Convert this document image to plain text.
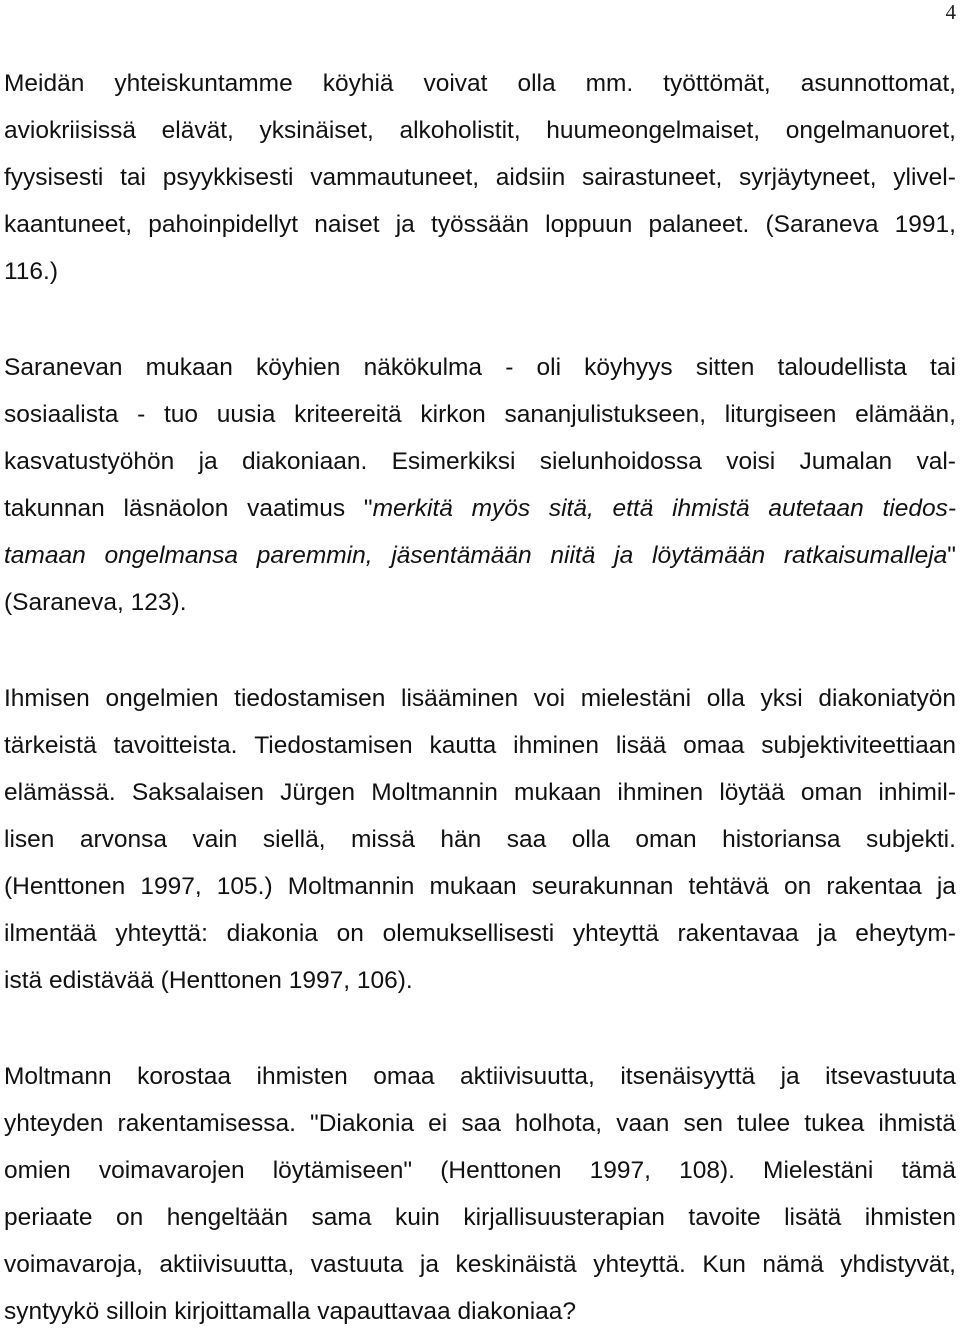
4
Meidän yhteiskuntamme köyhiä voivat olla mm. työttömät, asunnottomat,
aviokriisissä elävät, yksinäiset, alkoholistit, huumeongelmaiset, ongelmanuoret,
fyysisesti tai psyykkisesti vammautuneet, aidsiin sairastuneet, syrjäytyneet, ylivel-
kaantuneet, pahoinpidellyt naiset ja työssään loppuun palaneet. (Saraneva 1991,
116.)
Saranevan mukaan köyhien näkökulma - oli köyhyys sitten taloudellista tai
sosiaalista - tuo uusia kriteereitä kirkon sananjulistukseen, liturgiseen elämään,
kasvatustyöhön ja diakoniaan. Esimerkiksi sielunhoidossa voisi Jumalan val-
takunnan läsnäolon vaatimus "merkitä myös sitä, että ihmistä autetaan tiedos-
tamaan ongelmansa paremmin, jäsentämään niitä ja löytämään ratkaisumalleja"
(Saraneva, 123).
Ihmisen ongelmien tiedostamisen lisääminen voi mielestäni olla yksi diakoniatyön
tärkeistä tavoitteista. Tiedostamisen kautta ihminen lisää omaa subjektiviteettiaan
elämässä. Saksalaisen Jürgen Moltmannin mukaan ihminen löytää oman inhimil-
lisen arvonsa vain siellä, missä hän saa olla oman historiansa subjekti.
(Henttonen 1997, 105.) Moltmannin mukaan seurakunnan tehtävä on rakentaa ja
ilmentää yhteyttä: diakonia on olemuksellisesti yhteyttä rakentavaa ja eheytym-
istä edistävää (Henttonen 1997, 106).
Moltmann korostaa ihmisten omaa aktiivisuutta, itsenäisyyttä ja itsevastuuta
yhteyden rakentamisessa. "Diakonia ei saa holhota, vaan sen tulee tukea ihmistä
omien voimavarojen löytämiseen" (Henttonen 1997, 108). Mielestäni tämä
periaate on hengeltään sama kuin kirjallisuusterapian tavoite lisätä ihmisten
voimavaroja, aktiivisuutta, vastuuta ja keskinäistä yhteyttä. Kun nämä yhdistyvät,
syntyykö silloin kirjoittamalla vapauttavaa diakoniaa?
